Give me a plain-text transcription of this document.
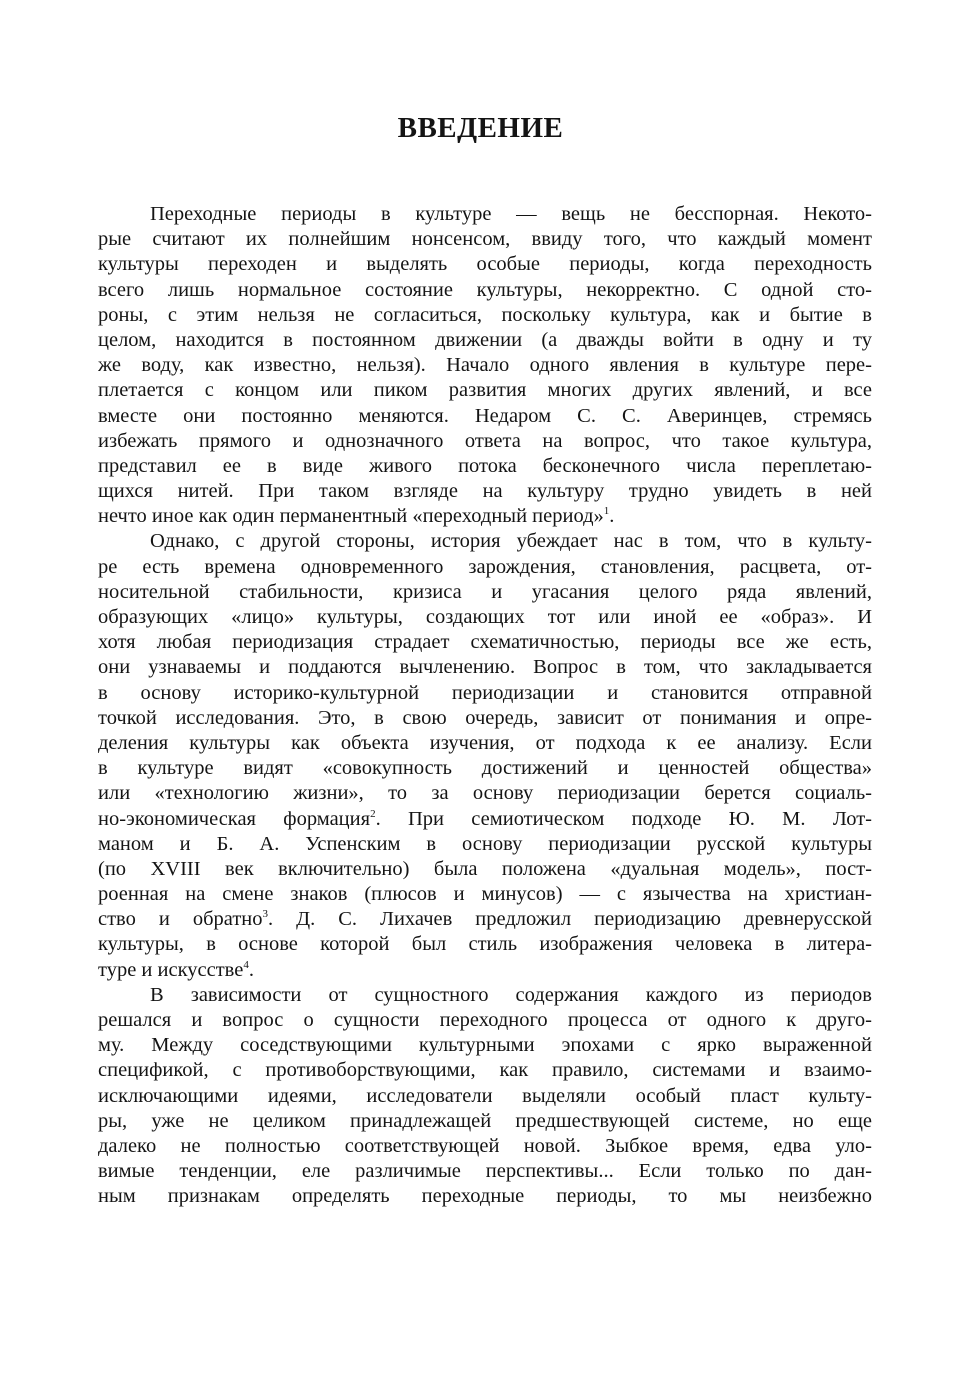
ВВЕДЕНИЕ
Переходные периоды в культуре — вещь не бесспорная. Некото-
рые считают их полнейшим нонсенсом, ввиду того, что каждый момент
культуры переходен и выделять особые периоды, когда переходность
всего лишь нормальное состояние культуры, некорректно. С одной сто-
роны, с этим нельзя не согласиться, поскольку культура, как и бытие в
целом, находится в постоянном движении (а дважды войти в одну и ту
же воду, как известно, нельзя). Начало одного явления в культуре пере-
плетается с концом или пиком развития многих других явлений, и все
вместе они постоянно меняются. Недаром С. С. Аверинцев, стремясь
избежать прямого и однозначного ответа на вопрос, что такое культура,
представил ее в виде живого потока бесконечного числа переплетаю-
щихся нитей. При таком взгляде на культуру трудно увидеть в ней
нечто иное как один перманентный «переходный период»$^1$.
Однако, с другой стороны, история убеждает нас в том, что в культу-
ре есть времена одновременного зарождения, становления, расцвета, от-
носительной стабильности, кризиса и угасания целого ряда явлений,
образующих «лицо» культуры, создающих тот или иной ее «образ». И
хотя любая периодизация страдает схематичностью, периоды все же есть,
они узнаваемы и поддаются вычленению. Вопрос в том, что закладывается
в основу историко-культурной периодизации и становится отправной
точкой исследования. Это, в свою очередь, зависит от понимания и опре-
деления культуры как объекта изучения, от подхода к ее анализу. Если
в культуре видят «совокупность достижений и ценностей общества»
или «технологию жизни», то за основу периодизации берется социаль-
но-экономическая формация$^2$. При семиотическом подходе Ю. М. Лот-
маном и Б. А. Успенским в основу периодизации русской культуры
(по XVIII век включительно) была положена «дуальная модель», пост-
роенная на смене знаков (плюсов и минусов) — с язычества на христиан-
ство и обратно$^3$. Д. С. Лихачев предложил периодизацию древнерусской
культуры, в основе которой был стиль изображения человека в литера-
туре и искусстве$^4$.
В зависимости от сущностного содержания каждого из периодов
решался и вопрос о сущности переходного процесса от одного к друго-
му. Между соседствующими культурными эпохами с ярко выраженной
спецификой, с противоборствующими, как правило, системами и взаимо-
исключающими идеями, исследователи выделяли особый пласт культу-
ры, уже не целиком принадлежащей предшествующей системе, но еще
далеко не полностью соответствующей новой. Зыбкое время, едва уло-
вимые тенденции, еле различимые перспективы... Если только по дан-
ным признакам определять переходные периоды, то мы неизбежно
